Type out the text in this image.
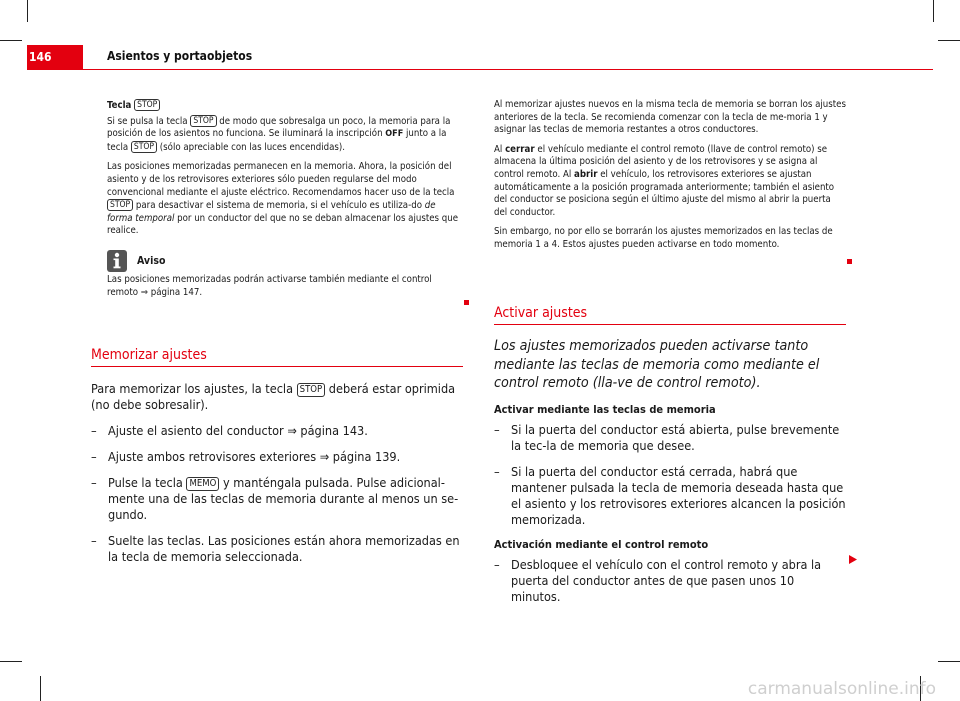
146	Asientos y portaobjetos

Tecla STOP

Si se pulsa la tecla STOP de modo que sobresalga un poco, la memoria para la posición de los asientos no funciona. Se iluminará la inscripción OFF junto a la tecla STOP (sólo apreciable con las luces encendidas).

Las posiciones memorizadas permanecen en la memoria. Ahora, la posición del asiento y de los retrovisores exteriores sólo pueden regularse del modo convencional mediante el ajuste eléctrico. Recomendamos hacer uso de la tecla STOP para desactivar el sistema de memoria, si el vehículo es utiliza-do de forma temporal por un conductor del que no se deban almacenar los ajustes que realice.

Aviso
Las posiciones memorizadas podrán activarse también mediante el control remoto ⇒ página 147.
Memorizar ajustes

Para memorizar los ajustes, la tecla STOP deberá estar oprimida (no debe sobresalir).

– Ajuste el asiento del conductor ⇒ página 143.
– Ajuste ambos retrovisores exteriores ⇒ página 139.
– Pulse la tecla MEMO y manténgala pulsada. Pulse adicional-mente una de las teclas de memoria durante al menos un se-gundo.
– Suelte las teclas. Las posiciones están ahora memorizadas en la tecla de memoria seleccionada.

Al memorizar ajustes nuevos en la misma tecla de memoria se borran los ajustes anteriores de la tecla. Se recomienda comenzar con la tecla de me-moria 1 y asignar las teclas de memoria restantes a otros conductores.

Al cerrar el vehículo mediante el control remoto (llave de control remoto) se almacena la última posición del asiento y de los retrovisores y se asigna al control remoto. Al abrir el vehículo, los retrovisores exteriores se ajustan automáticamente a la posición programada anteriormente; también el asiento del conductor se posiciona según el último ajuste del mismo al abrir la puerta del conductor.

Sin embargo, no por ello se borrarán los ajustes memorizados en las teclas de memoria 1 a 4. Estos ajustes pueden activarse en todo momento.

Activar ajustes

Los ajustes memorizados pueden activarse tanto mediante las teclas de memoria como mediante el control remoto (lla-ve de control remoto).

Activar mediante las teclas de memoria
– Si la puerta del conductor está abierta, pulse brevemente la tec-la de memoria que desee.
– Si la puerta del conductor está cerrada, habrá que mantener pulsada la tecla de memoria deseada hasta que el asiento y los retrovisores exteriores alcancen la posición memorizada.
Activación mediante el control remoto
– Desbloquee el vehículo con el control remoto y abra la puerta del conductor antes de que pasen unos 10 minutos.
carmanualsonline.info
